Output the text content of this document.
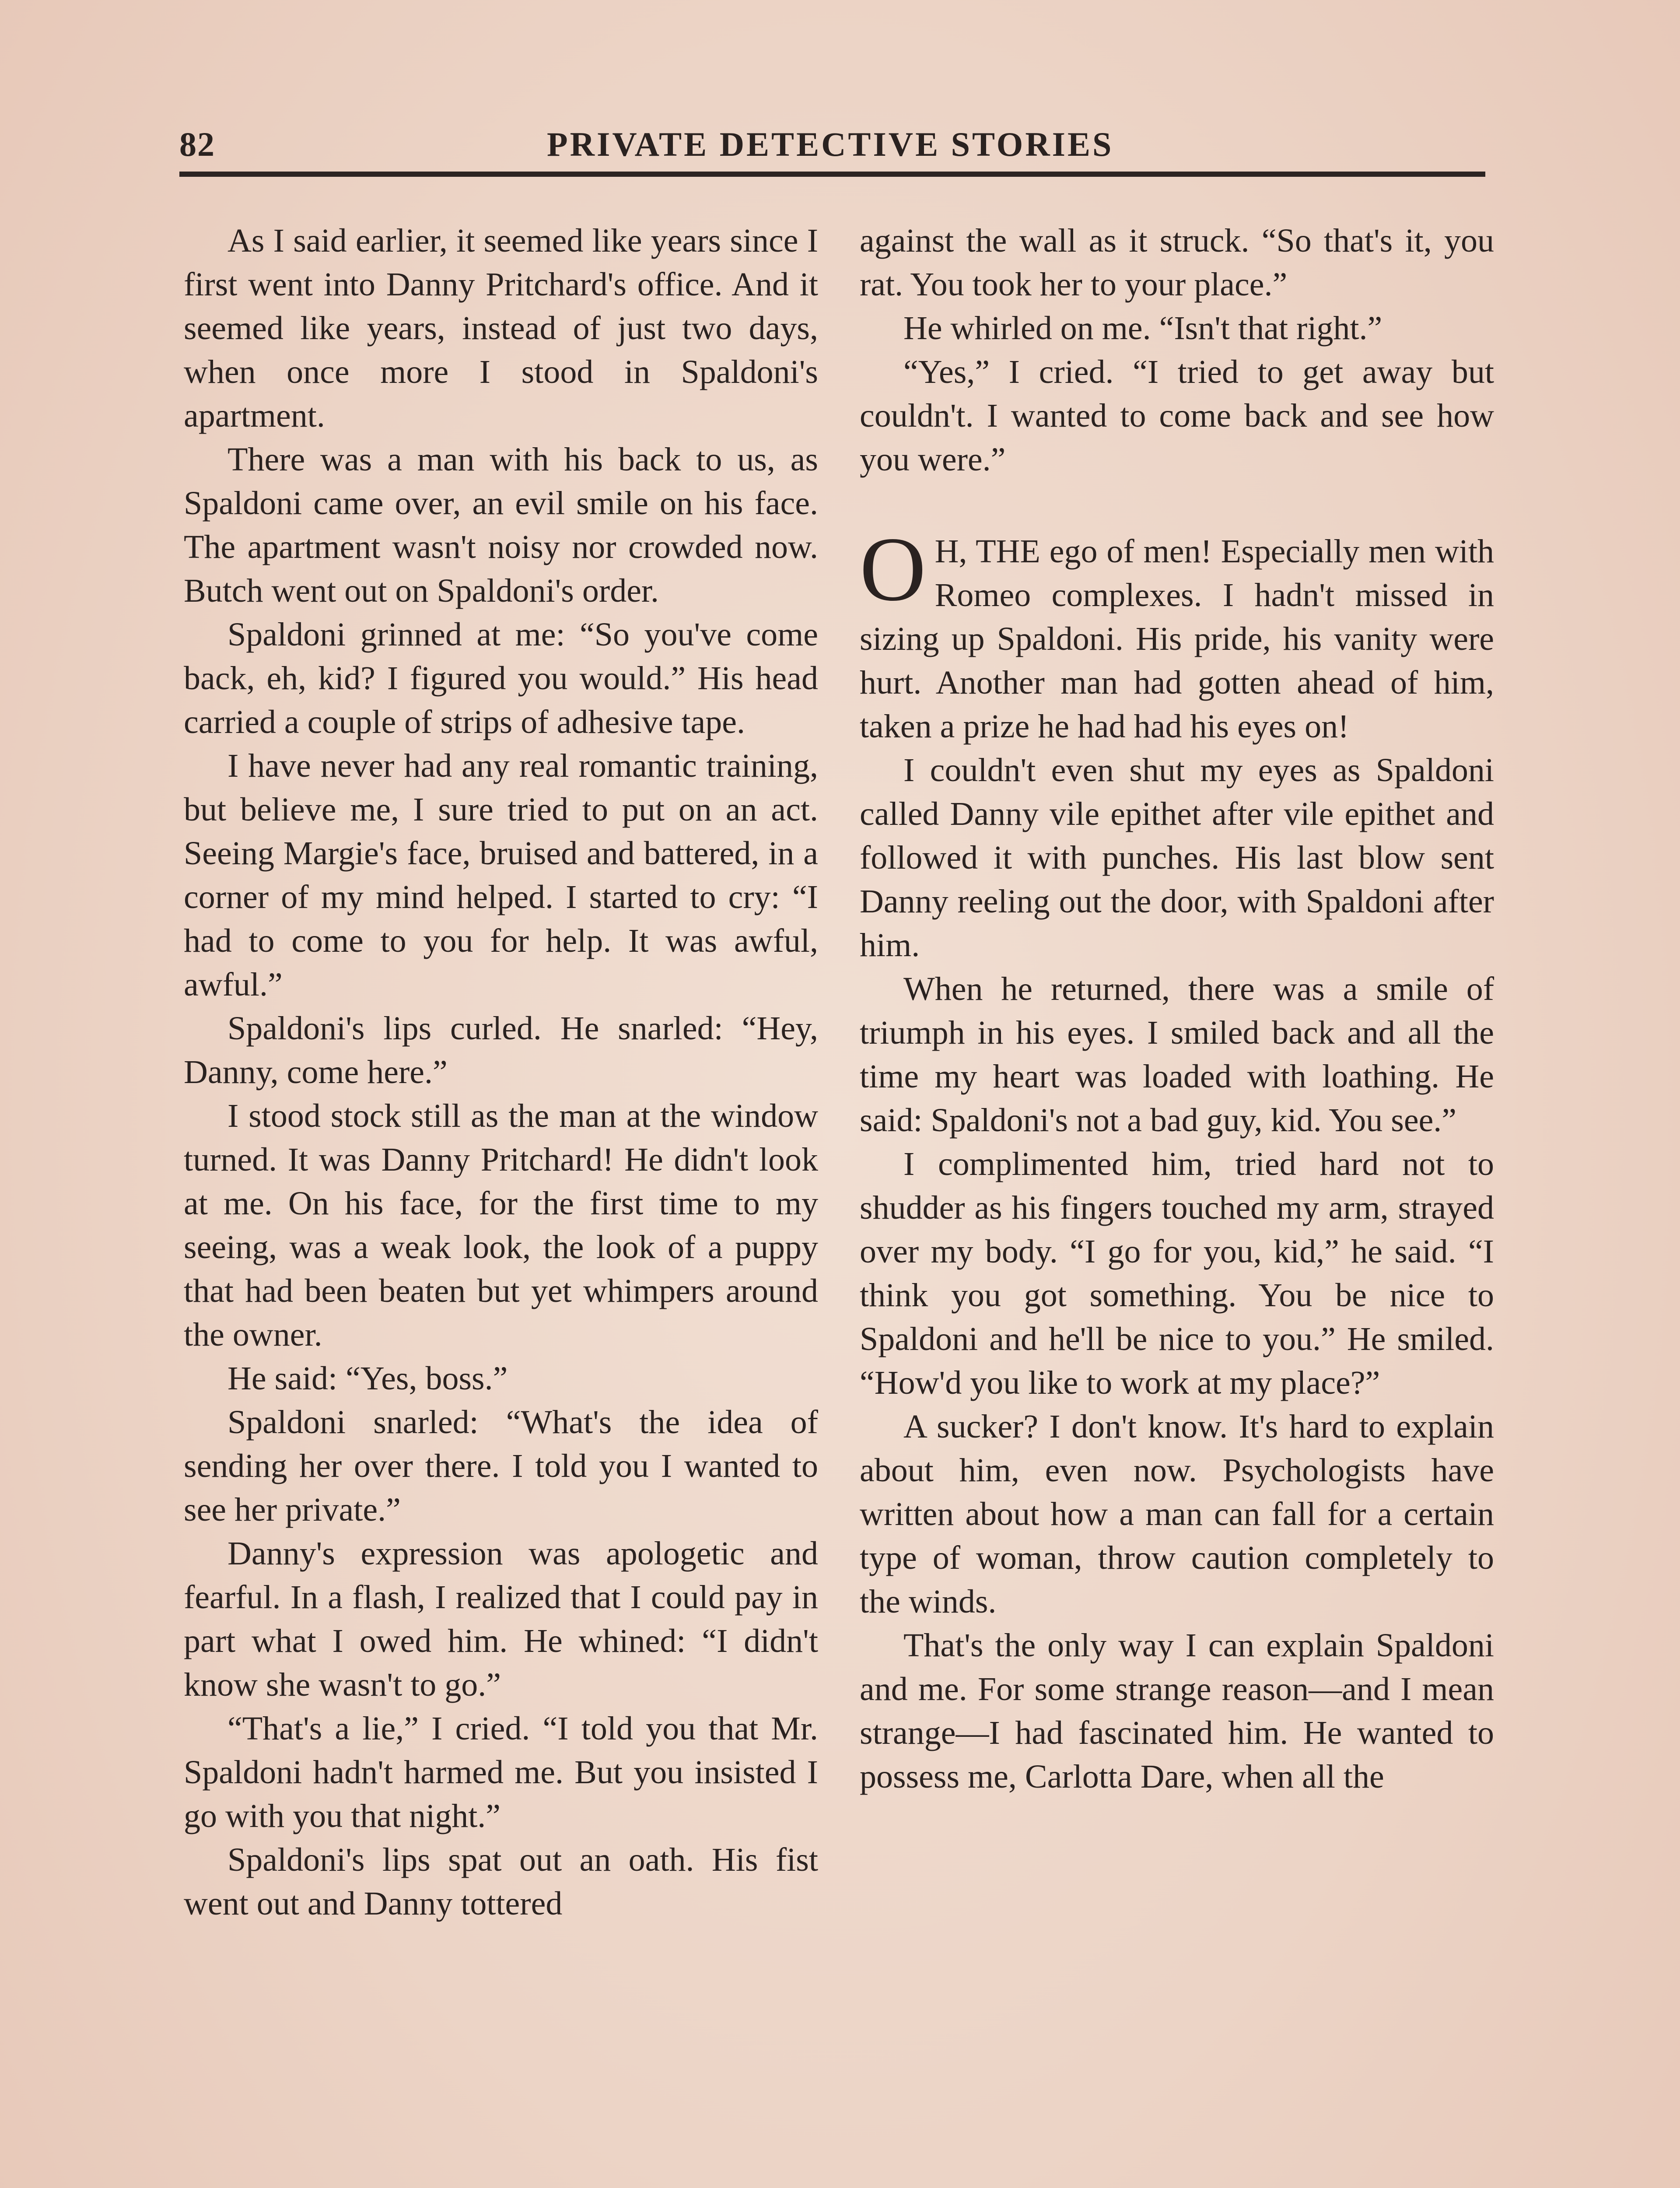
82	PRIVATE DETECTIVE STORIES

As I said earlier, it seemed like years since I first went into Danny Pritchard's office. And it seemed like years, instead of just two days, when once more I stood in Spaldoni's apartment.

There was a man with his back to us, as Spaldoni came over, an evil smile on his face. The apartment wasn't noisy nor crowded now. Butch went out on Spaldoni's order.

Spaldoni grinned at me: “So you've come back, eh, kid? I figured you would.” His head carried a couple of strips of adhesive tape.

I have never had any real romantic training, but believe me, I sure tried to put on an act. Seeing Margie's face, bruised and battered, in a corner of my mind helped. I started to cry: “I had to come to you for help. It was awful, awful.”

Spaldoni's lips curled. He snarled: “Hey, Danny, come here.”

I stood stock still as the man at the window turned. It was Danny Pritchard! He didn't look at me. On his face, for the first time to my seeing, was a weak look, the look of a puppy that had been beaten but yet whimpers around the owner.

He said: “Yes, boss.”

Spaldoni snarled: “What's the idea of sending her over there. I told you I wanted to see her private.”

Danny's expression was apologetic and fearful. In a flash, I realized that I could pay in part what I owed him. He whined: “I didn't know she wasn't to go.”

“That's a lie,” I cried. “I told you that Mr. Spaldoni hadn't harmed me. But you insisted I go with you that night.”

Spaldoni's lips spat out an oath. His fist went out and Danny tottered

against the wall as it struck. “So that's it, you rat. You took her to your place.”

He whirled on me. “Isn't that right.”

“Yes,” I cried. “I tried to get away but couldn't. I wanted to come back and see how you were.”

O H, THE ego of men! Especially men with Romeo complexes. I hadn't missed in sizing up Spaldoni. His pride, his vanity were hurt. Another man had gotten ahead of him, taken a prize he had had his eyes on!

I couldn't even shut my eyes as Spaldoni called Danny vile epithet after vile epithet and followed it with punches. His last blow sent Danny reeling out the door, with Spaldoni after him.

When he returned, there was a smile of triumph in his eyes. I smiled back and all the time my heart was loaded with loathing. He said: Spaldoni's not a bad guy, kid. You see.”

I complimented him, tried hard not to shudder as his fingers touched my arm, strayed over my body. “I go for you, kid,” he said. “I think you got something. You be nice to Spaldoni and he'll be nice to you.” He smiled. “How'd you like to work at my place?”

A sucker? I don't know. It's hard to explain about him, even now. Psychologists have written about how a man can fall for a certain type of woman, throw caution completely to the winds.

That's the only way I can explain Spaldoni and me. For some strange reason—and I mean strange—I had fascinated him. He wanted to possess me, Carlotta Dare, when all the
